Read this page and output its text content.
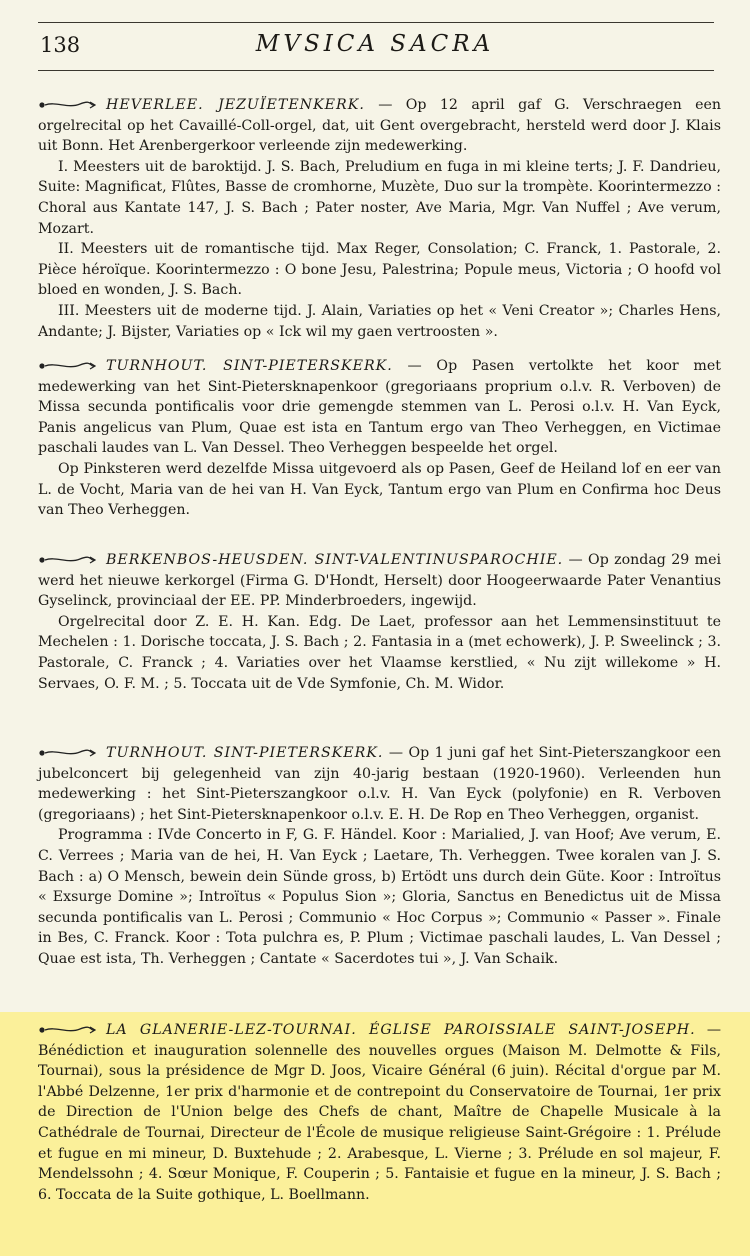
138	MVSICA SACRA

HEVERLEE. JEZUÏETENKERK. — Op 12 april gaf G. Verschraegen een orgelrecital op het Cavaillé-Coll-orgel, dat, uit Gent overgebracht, hersteld werd door J. Klais uit Bonn. Het Arenbergerkoor verleende zijn medewerking.

I. Meesters uit de baroktijd. J. S. Bach, Preludium en fuga in mi kleine terts; J. F. Dandrieu, Suite: Magnificat, Flûtes, Basse de cromhorne, Muzète, Duo sur la trompète. Koorintermezzo : Choral aus Kantate 147, J. S. Bach ; Pater noster, Ave Maria, Mgr. Van Nuffel ; Ave verum, Mozart.

II. Meesters uit de romantische tijd. Max Reger, Consolation; C. Franck, 1. Pastorale, 2. Pièce héroïque. Koorintermezzo : O bone Jesu, Palestrina; Popule meus, Victoria ; O hoofd vol bloed en wonden, J. S. Bach.

III. Meesters uit de moderne tijd. J. Alain, Variaties op het « Veni Creator »; Charles Hens, Andante; J. Bijster, Variaties op « Ick wil my gaen vertroosten ».

TURNHOUT. SINT-PIETERSKERK. — Op Pasen vertolkte het koor met medewerking van het Sint-Pietersknapenkoor (gregoriaans proprium o.l.v. R. Verboven) de Missa secunda pontificalis voor drie gemengde stemmen van L. Perosi o.l.v. H. Van Eyck, Panis angelicus van Plum, Quae est ista en Tantum ergo van Theo Verheggen, en Victimae paschali laudes van L. Van Dessel. Theo Verheggen bespeelde het orgel.

Op Pinksteren werd dezelfde Missa uitgevoerd als op Pasen, Geef de Heiland lof en eer van L. de Vocht, Maria van de hei van H. Van Eyck, Tantum ergo van Plum en Confirma hoc Deus van Theo Verheggen.

BERKENBOS-HEUSDEN. SINT-VALENTINUSPAROCHIE. — Op zondag 29 mei werd het nieuwe kerkorgel (Firma G. D'Hondt, Herselt) door Hoogeerwaarde Pater Venantius Gyselinck, provinciaal der EE. PP. Minderbroeders, ingewijd.

Orgelrecital door Z. E. H. Kan. Edg. De Laet, professor aan het Lemmensinstituut te Mechelen : 1. Dorische toccata, J. S. Bach ; 2. Fantasia in a (met echowerk), J. P. Sweelinck ; 3. Pastorale, C. Franck ; 4. Variaties over het Vlaamse kerstlied, « Nu zijt willekome » H. Servaes, O. F. M. ; 5. Toccata uit de Vde Symfonie, Ch. M. Widor.

TURNHOUT. SINT-PIETERSKERK. — Op 1 juni gaf het Sint-Pieterszangkoor een jubelconcert bij gelegenheid van zijn 40-jarig bestaan (1920-1960). Verleenden hun medewerking : het Sint-Pieterszangkoor o.l.v. H. Van Eyck (polyfonie) en R. Verboven (gregoriaans) ; het Sint-Pietersknapenkoor o.l.v. E. H. De Rop en Theo Verheggen, organist.

Programma : IVde Concerto in F, G. F. Händel. Koor : Marialied, J. van Hoof; Ave verum, E. C. Verrees ; Maria van de hei, H. Van Eyck ; Laetare, Th. Verheggen. Twee koralen van J. S. Bach : a) O Mensch, bewein dein Sünde gross, b) Ertödt uns durch dein Güte. Koor : Introïtus « Exsurge Domine »; Introïtus « Populus Sion »; Gloria, Sanctus en Benedictus uit de Missa secunda pontificalis van L. Perosi ; Communio « Hoc Corpus »; Communio « Passer ». Finale in Bes, C. Franck. Koor : Tota pulchra es, P. Plum ; Victimae paschali laudes, L. Van Dessel ; Quae est ista, Th. Verheggen ; Cantate « Sacerdotes tui », J. Van Schaik.

LA GLANERIE-LEZ-TOURNAI. ÉGLISE PAROISSIALE SAINT-JOSEPH. — Bénédiction et inauguration solennelle des nouvelles orgues (Maison M. Delmotte & Fils, Tournai), sous la présidence de Mgr D. Joos, Vicaire Général (6 juin). Récital d'orgue par M. l'Abbé Delzenne, 1er prix d'harmonie et de contrepoint du Conservatoire de Tournai, 1er prix de Direction de l'Union belge des Chefs de chant, Maître de Chapelle Musicale à la Cathédrale de Tournai, Directeur de l'École de musique religieuse Saint-Grégoire : 1. Prélude et fugue en mi mineur, D. Buxtehude ; 2. Arabesque, L. Vierne ; 3. Prélude en sol majeur, F. Mendelssohn ; 4. Sœur Monique, F. Couperin ; 5. Fantaisie et fugue en la mineur, J. S. Bach ; 6. Toccata de la Suite gothique, L. Boellmann.
